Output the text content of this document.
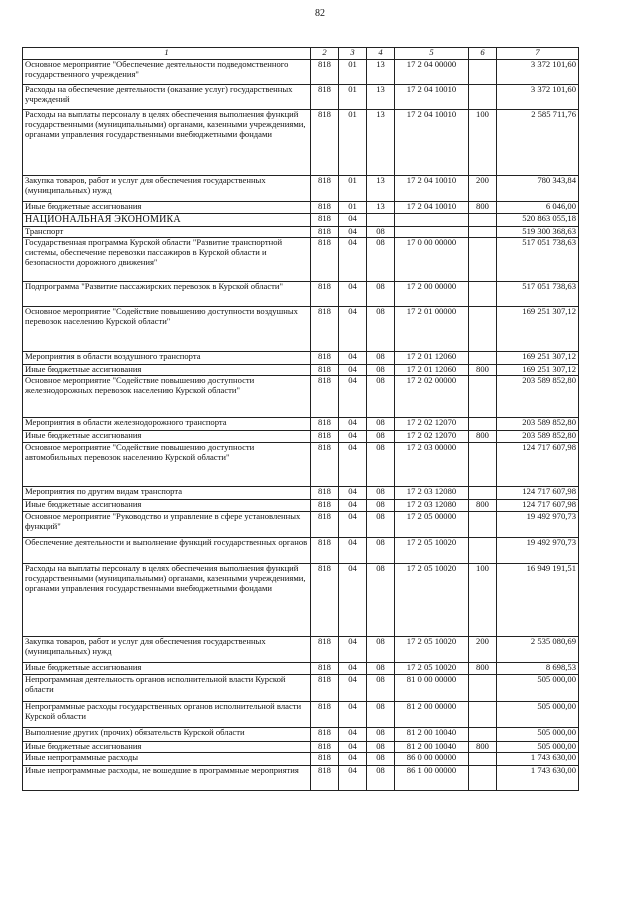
82
1	2	3	4	5	6	7
Основное мероприятие "Обеспечение деятельности подведомственного государственного учреждения"	818	01	13	17 2 04 00000		3 372 101,60
Расходы на обеспечение деятельности (оказание услуг) государственных учреждений	818	01	13	17 2 04 10010		3 372 101,60
Расходы на выплаты персоналу в целях обеспечения выполнения функций государственными (муниципальными) органами, казенными учреждениями, органами управления государственными внебюджетными фондами	818	01	13	17 2 04 10010	100	2 585 711,76
Закупка товаров, работ и услуг для обеспечения государственных (муниципальных) нужд	818	01	13	17 2 04 10010	200	780 343,84
Иные бюджетные ассигнования	818	01	13	17 2 04 10010	800	6 046,00
НАЦИОНАЛЬНАЯ ЭКОНОМИКА	818	04				520 863 055,18
Транспорт	818	04	08			519 300 368,63
Государственная программа Курской области "Развитие транспортной системы, обеспечение перевозки пассажиров в Курской области и безопасности дорожного движения"	818	04	08	17 0 00 00000		517 051 738,63
Подпрограмма "Развитие пассажирских перевозок в Курской области"	818	04	08	17 2 00 00000		517 051 738,63
Основное мероприятие "Содействие повышению доступности воздушных перевозок населению Курской области"	818	04	08	17 2 01 00000		169 251 307,12
Мероприятия в области воздушного транспорта	818	04	08	17 2 01 12060		169 251 307,12
Иные бюджетные ассигнования	818	04	08	17 2 01 12060	800	169 251 307,12
Основное мероприятие "Содействие повышению доступности железнодорожных перевозок населению Курской области"	818	04	08	17 2 02 00000		203 589 852,80
Мероприятия в области железнодорожного транспорта	818	04	08	17 2 02 12070		203 589 852,80
Иные бюджетные ассигнования	818	04	08	17 2 02 12070	800	203 589 852,80
Основное мероприятие "Содействие повышению доступности автомобильных перевозок населению Курской области"	818	04	08	17 2 03 00000		124 717 607,98
Мероприятия по другим видам транспорта	818	04	08	17 2 03 12080		124 717 607,98
Иные бюджетные ассигнования	818	04	08	17 2 03 12080	800	124 717 607,98
Основное мероприятие "Руководство и управление в сфере установленных функций"	818	04	08	17 2 05 00000		19 492 970,73
Обеспечение деятельности и выполнение функций государственных органов	818	04	08	17 2 05 10020		19 492 970,73
Расходы на выплаты персоналу в целях обеспечения выполнения функций государственными (муниципальными) органами, казенными учреждениями, органами управления государственными внебюджетными фондами	818	04	08	17 2 05 10020	100	16 949 191,51
Закупка товаров, работ и услуг для обеспечения государственных (муниципальных) нужд	818	04	08	17 2 05 10020	200	2 535 080,69
Иные бюджетные ассигнования	818	04	08	17 2 05 10020	800	8 698,53
Непрограммная деятельность органов исполнительной власти Курской области	818	04	08	81 0 00 00000		505 000,00
Непрограммные расходы государственных органов исполнительной власти Курской области	818	04	08	81 2 00 00000		505 000,00
Выполнение других (прочих) обязательств Курской области	818	04	08	81 2 00 10040		505 000,00
Иные бюджетные ассигнования	818	04	08	81 2 00 10040	800	505 000,00
Иные непрограммные расходы	818	04	08	86 0 00 00000		1 743 630,00
Иные непрограммные расходы, не вошедшие в программные мероприятия	818	04	08	86 1 00 00000		1 743 630,00
